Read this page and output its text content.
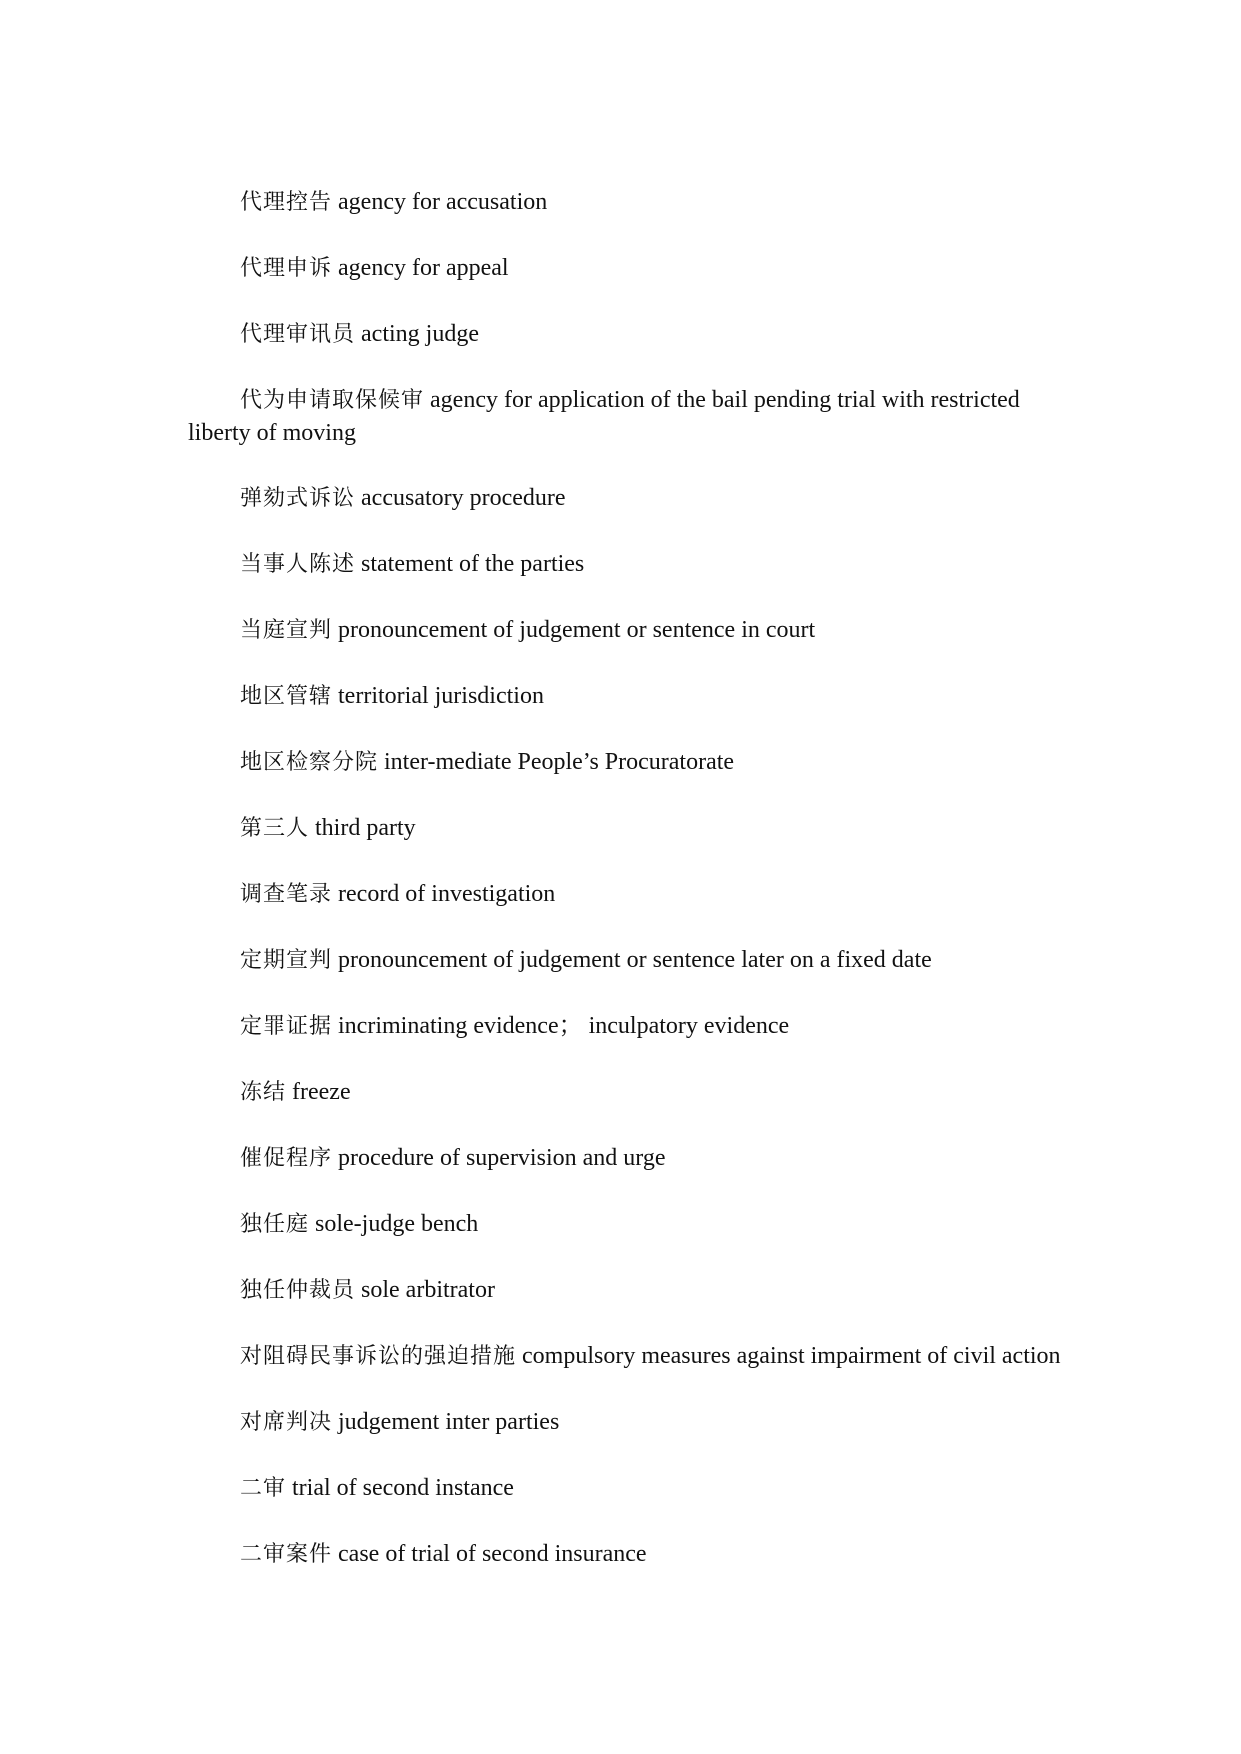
代理控告 agency for accusation

代理申诉 agency for appeal

代理审讯员 acting judge

代为申请取保候审 agency for application of the bail pending trial with restricted liberty of moving

弹劾式诉讼 accusatory procedure

当事人陈述 statement of the parties

当庭宣判 pronouncement of judgement or sentence in court

地区管辖 territorial jurisdiction

地区检察分院 inter-mediate People’s Procuratorate

第三人 third party

调查笔录 record of investigation

定期宣判 pronouncement of judgement or sentence later on a fixed date

定罪证据 incriminating evidence； inculpatory evidence

冻结 freeze

催促程序 procedure of supervision and urge

独任庭 sole-judge bench

独任仲裁员 sole arbitrator

对阻碍民事诉讼的强迫措施 compulsory measures against impairment of civil action

对席判决 judgement inter parties

二审 trial of second instance

二审案件 case of trial of second insurance
